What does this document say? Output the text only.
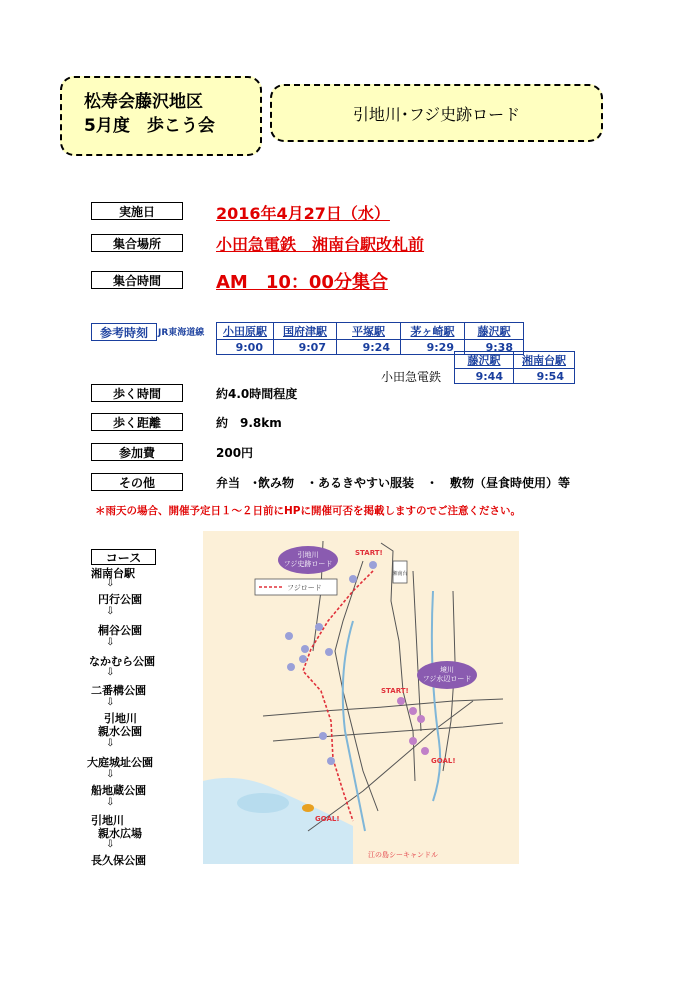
松寿会藤沢地区
5月度　歩こう会
引地川･フジ史跡ロード
実施日	2016年4月27日（水）
集合場所	小田急電鉄　湘南台駅改札前
集合時間	AM　10：00分集合
参考時刻	JR東海道線 小田原駅	国府津駅	平塚駅	茅ヶ崎駅	藤沢駅
9:00	9:07	9:24	9:29	9:38
小田急電鉄
藤沢駅	湘南台駅
9:44	9:54
歩く時間	約4.0時間程度
歩く距離	約　9.8km
参加費	200円
その他	弁当　･飲み物　・あるきやすい服装　・　敷物（昼食時使用）等
＊雨天の場合、開催予定日１～２日前にHPに開催可否を掲載しますのでご注意ください。
コース
湘南台駅
⇩
円行公園
⇩
桐谷公園
⇩
なかむら公園
⇩
二番構公園
⇩
引地川
親水公園
⇩
大庭城址公園
⇩
船地蔵公園
⇩
引地川
親水広場
⇩
長久保公園
フジロード
引地川
フジ史跡ロード
境川
フジ水辺ロード
START!
START!
GOAL!
GOAL!
湘南台
江の島シーキャンドル
